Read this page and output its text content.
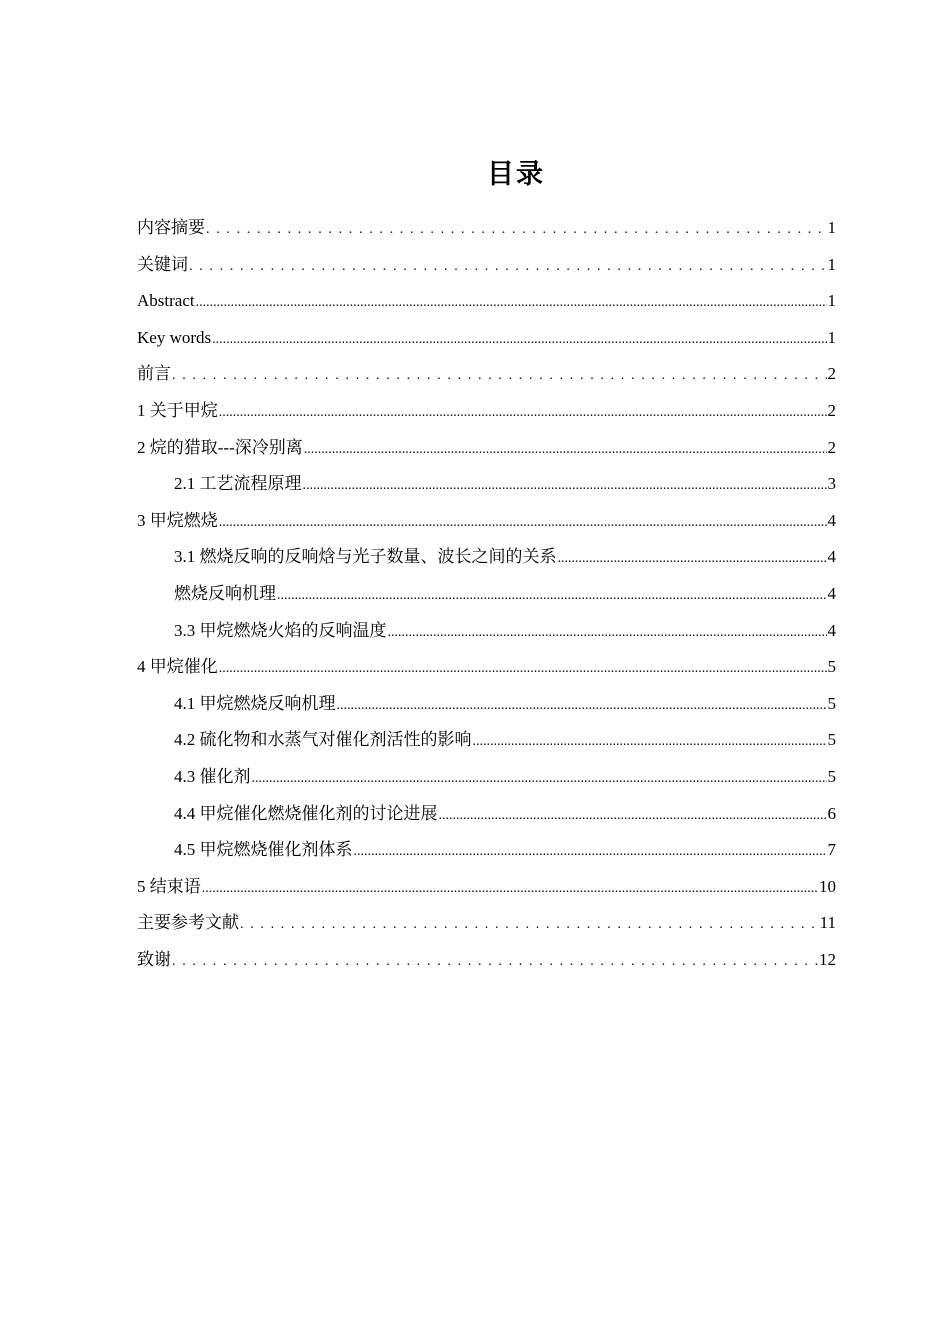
目录
内容摘要 . . .	1
关键词 . . .	1
Abstract .....	1
Key words .....	1
前言 . . .	2
1 关于甲烷 .....	2
2 烷的猎取---深冷别离 .....	2
2.1 工艺流程原理 .....	3
3 甲烷燃烧 .....	4
3.1 燃烧反响的反响焓与光子数量、波长之间的关系 .....	4
燃烧反响机理 .....	4
3.3 甲烷燃烧火焰的反响温度 .....	4
4 甲烷催化 .....	5
4.1 甲烷燃烧反响机理 .....	5
4.2 硫化物和水蒸气对催化剂活性的影响 .....	5
4.3 催化剂 .....	5
4.4 甲烷催化燃烧催化剂的讨论进展 .....	6
4.5 甲烷燃烧催化剂体系 .....	7
5 结束语 .....	10
主要参考文献 . . .	11
致谢 . . .	12
